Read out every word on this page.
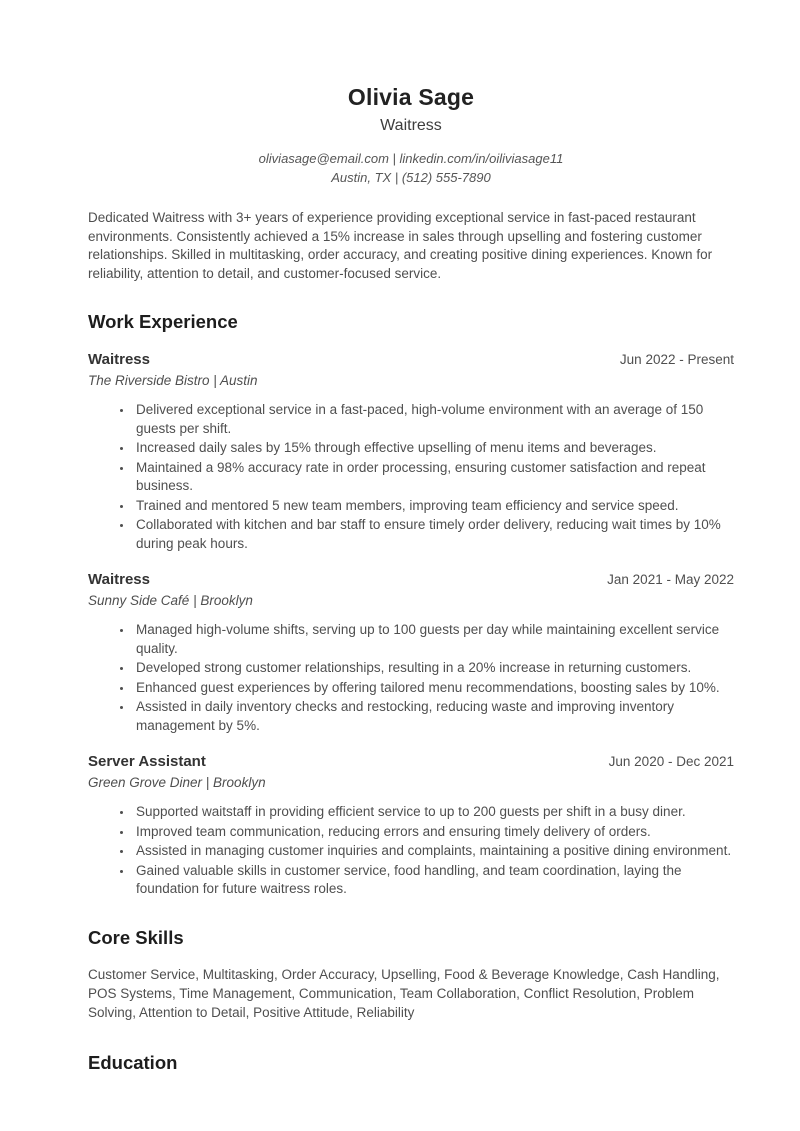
Olivia Sage
Waitress
oliviasage@email.com | linkedin.com/in/oiliviasage11
Austin, TX | (512) 555-7890
Dedicated Waitress with 3+ years of experience providing exceptional service in fast-paced restaurant environments. Consistently achieved a 15% increase in sales through upselling and fostering customer relationships. Skilled in multitasking, order accuracy, and creating positive dining experiences. Known for reliability, attention to detail, and customer-focused service.
Work Experience
Waitress	Jun 2022 - Present
The Riverside Bistro | Austin
• Delivered exceptional service in a fast-paced, high-volume environment with an average of 150 guests per shift.
• Increased daily sales by 15% through effective upselling of menu items and beverages.
• Maintained a 98% accuracy rate in order processing, ensuring customer satisfaction and repeat business.
• Trained and mentored 5 new team members, improving team efficiency and service speed.
• Collaborated with kitchen and bar staff to ensure timely order delivery, reducing wait times by 10% during peak hours.
Waitress	Jan 2021 - May 2022
Sunny Side Café | Brooklyn
• Managed high-volume shifts, serving up to 100 guests per day while maintaining excellent service quality.
• Developed strong customer relationships, resulting in a 20% increase in returning customers.
• Enhanced guest experiences by offering tailored menu recommendations, boosting sales by 10%.
• Assisted in daily inventory checks and restocking, reducing waste and improving inventory management by 5%.
Server Assistant	Jun 2020 - Dec 2021
Green Grove Diner | Brooklyn
• Supported waitstaff in providing efficient service to up to 200 guests per shift in a busy diner.
• Improved team communication, reducing errors and ensuring timely delivery of orders.
• Assisted in managing customer inquiries and complaints, maintaining a positive dining environment.
• Gained valuable skills in customer service, food handling, and team coordination, laying the foundation for future waitress roles.
Core Skills
Customer Service, Multitasking, Order Accuracy, Upselling, Food & Beverage Knowledge, Cash Handling, POS Systems, Time Management, Communication, Team Collaboration, Conflict Resolution, Problem Solving, Attention to Detail, Positive Attitude, Reliability
Education
